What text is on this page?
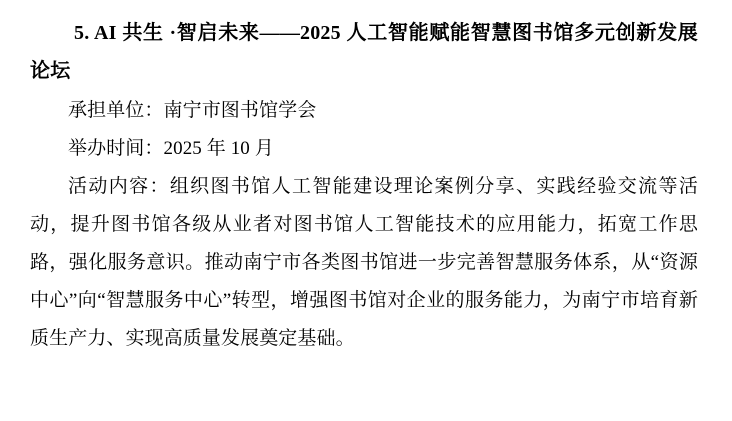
5. AI 共生 ·智启未来——2025 人工智能赋能智慧图书馆多元创新发展论坛

承担单位：南宁市图书馆学会

举办时间：2025 年 10 月

活动内容：组织图书馆人工智能建设理论案例分享、实践经验交流等活动，提升图书馆各级从业者对图书馆人工智能技术的应用能力，拓宽工作思路，强化服务意识。推动南宁市各类图书馆进一步完善智慧服务体系，从“资源中心”向“智慧服务中心”转型，增强图书馆对企业的服务能力，为南宁市培育新质生产力、实现高质量发展奠定基础。
